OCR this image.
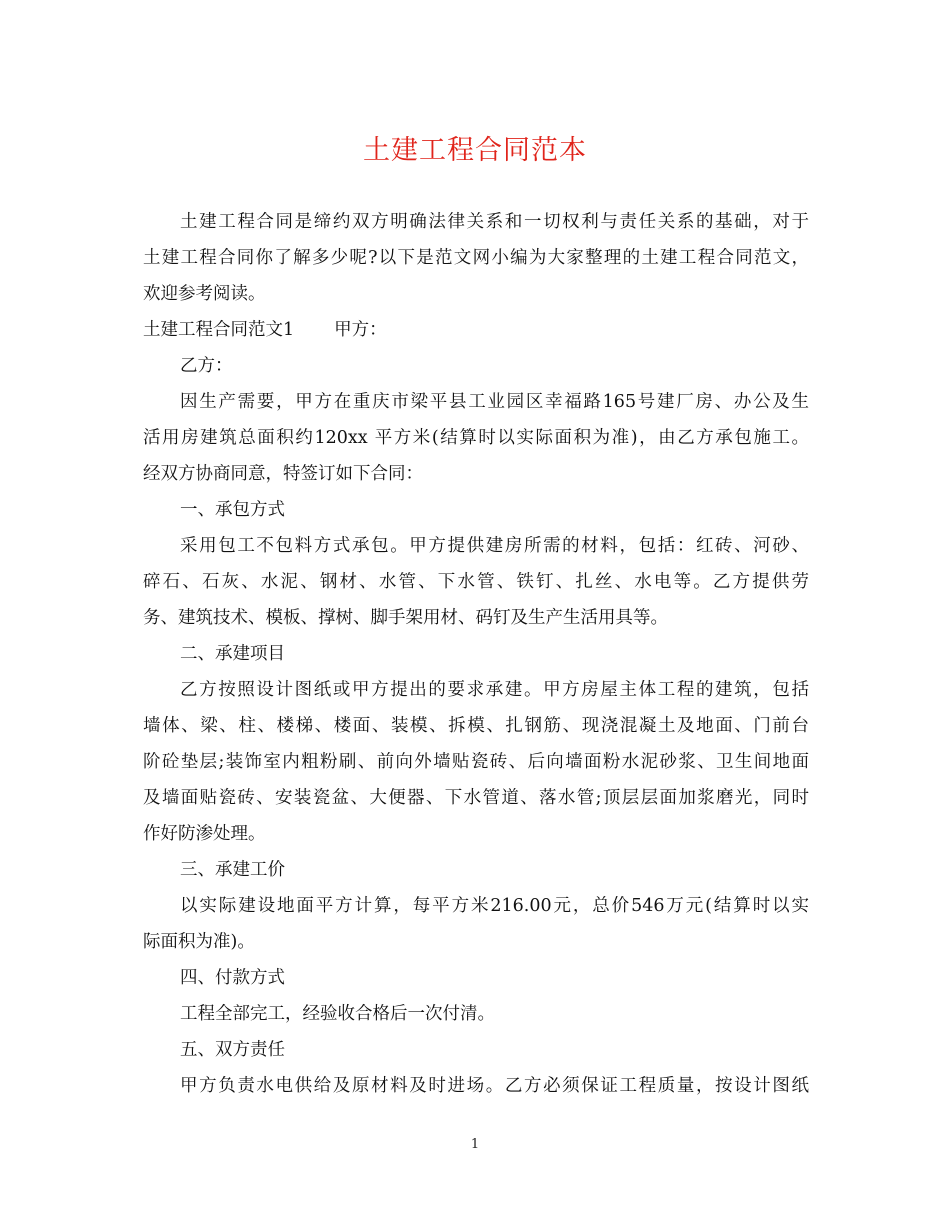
土建工程合同范本

土建工程合同是缔约双方明确法律关系和一切权利与责任关系的基础，对于
土建工程合同你了解多少呢?以下是范文网小编为大家整理的土建工程合同范文，
欢迎参考阅读。

土建工程合同范文1 甲方：

乙方：

因生产需要，甲方在重庆市梁平县工业园区幸福路165号建厂房、办公及生
活用房建筑总面积约120xx 平方米(结算时以实际面积为准)，由乙方承包施工。
经双方协商同意，特签订如下合同：

一、承包方式

采用包工不包料方式承包。甲方提供建房所需的材料，包括：红砖、河砂、
碎石、石灰、水泥、钢材、水管、下水管、铁钉、扎丝、水电等。乙方提供劳
务、建筑技术、模板、撑树、脚手架用材、码钉及生产生活用具等。

二、承建项目

乙方按照设计图纸或甲方提出的要求承建。甲方房屋主体工程的建筑，包括
墙体、梁、柱、楼梯、楼面、装模、拆模、扎钢筋、现浇混凝土及地面、门前台
阶砼垫层;装饰室内粗粉刷、前向外墙贴瓷砖、后向墙面粉水泥砂浆、卫生间地面
及墙面贴瓷砖、安装瓷盆、大便器、下水管道、落水管;顶层层面加浆磨光，同时
作好防渗处理。

三、承建工价

以实际建设地面平方计算，每平方米216.00元，总价546万元(结算时以实
际面积为准)。

四、付款方式

工程全部完工，经验收合格后一次付清。

五、双方责任

甲方负责水电供给及原材料及时进场。乙方必须保证工程质量，按设计图纸

1
